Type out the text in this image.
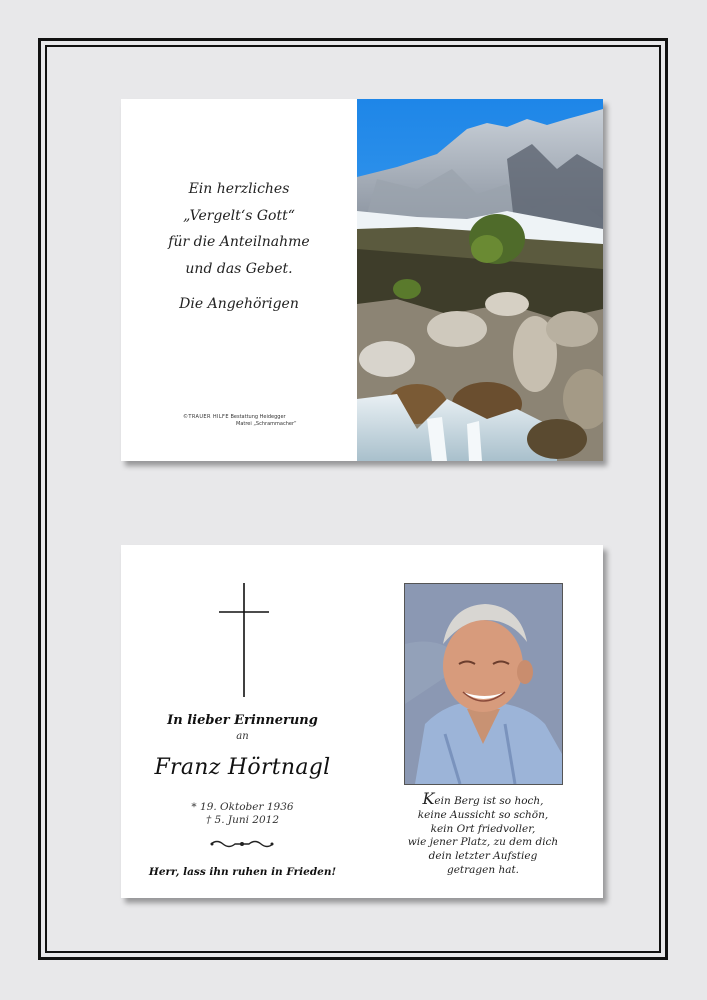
Ein herzliches
„Vergelt‘s Gott“
für die Anteilnahme
und das Gebet.
Die Angehörigen
©TRAUER HILFE Bestattung Heidegger
Matrei „Schrammacher“
In lieber Erinnerung
an
Franz Hörtnagl
* 19. Oktober 1936
† 5. Juni 2012
Herr, lass ihn ruhen in Frieden!
Kein Berg ist so hoch,
keine Aussicht so schön,
kein Ort friedvoller,
wie jener Platz, zu dem dich
dein letzter Aufstieg
getragen hat.
